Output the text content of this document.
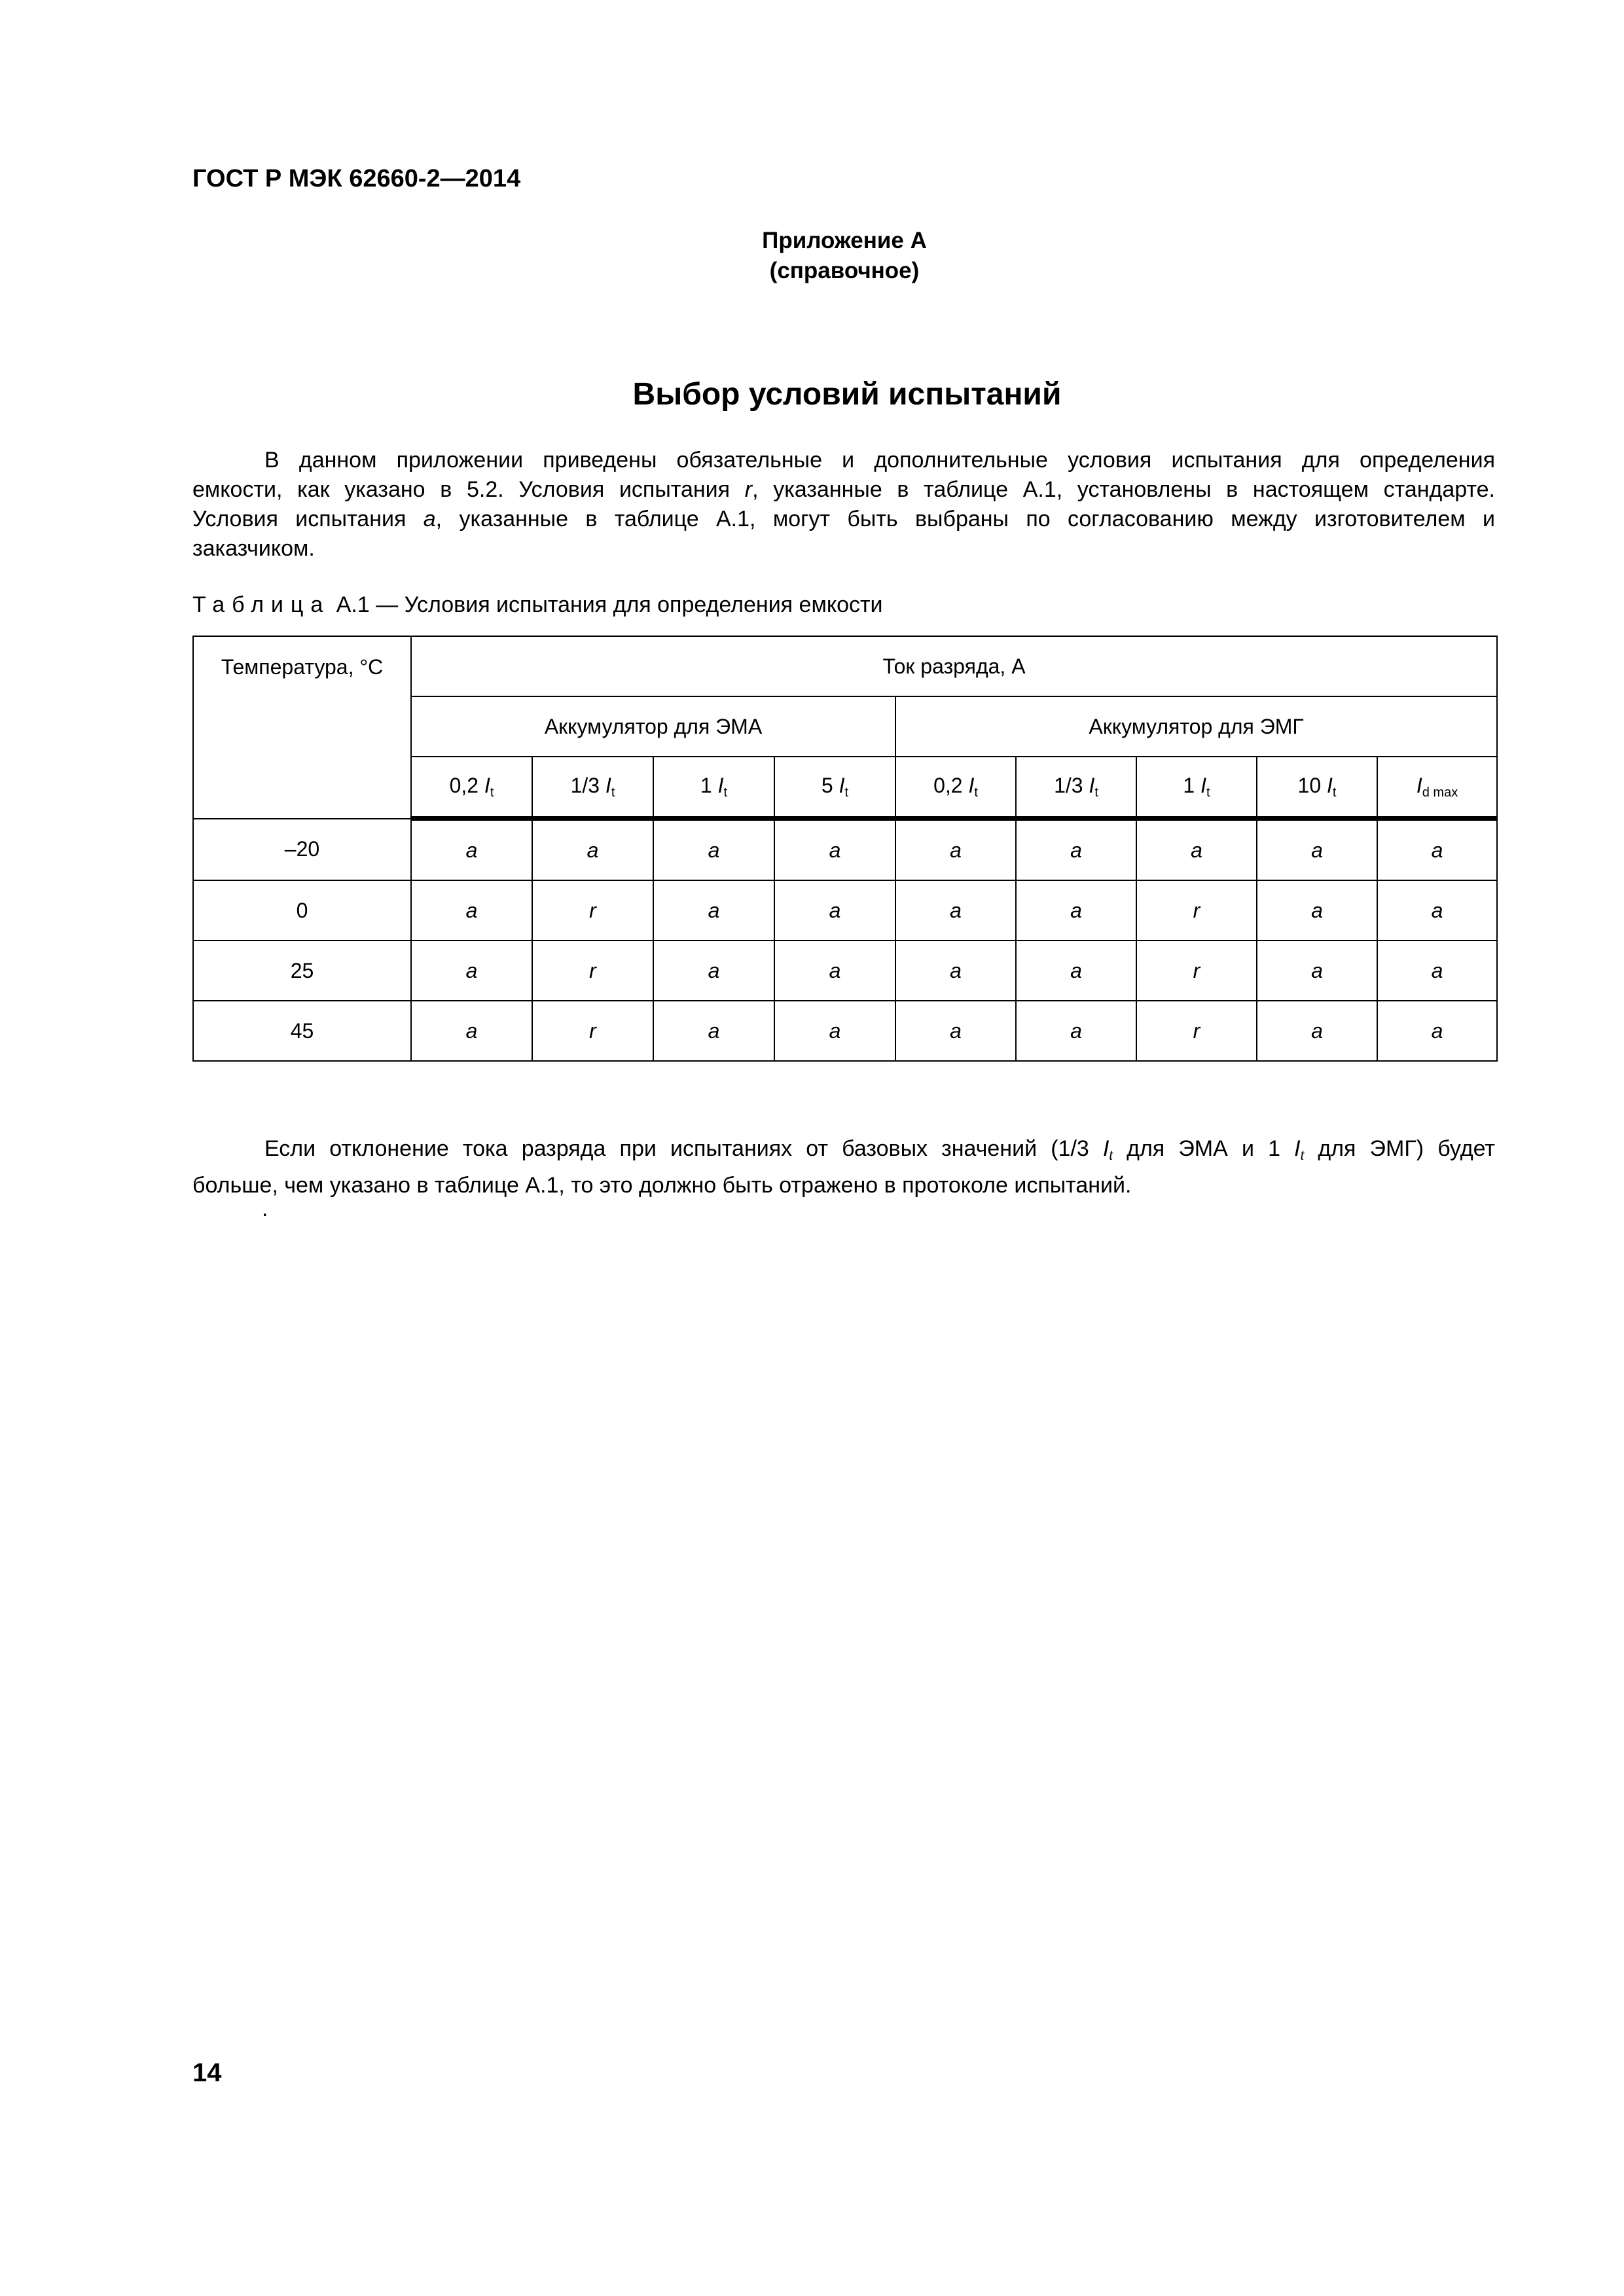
ГОСТ Р МЭК 62660-2—2014
Приложение А
(справочное)
Выбор условий испытаний
В данном приложении приведены обязательные и дополнительные условия испытания для определения
емкости, как указано в 5.2. Условия испытания r, указанные в таблице А.1, установлены в настоящем стандарте.
Условия испытания a, указанные в таблице А.1, могут быть выбраны по согласованию между изготовителем и
заказчиком.
Таблица А.1 — Условия испытания для определения емкости
Температура, °С	Ток разряда, А								
	Аккумулятор для ЭМА				Аккумулятор для ЭМГ				
	0,2 $I_t$	1/3 $I_t$	1 $I_t$	5 $I_t$	0,2 $I_t$	1/3 $I_t$	1 $I_t$	10 $I_t$	$I_{d max}$
–20	a	a	a	a	a	a	a	a	a
0	a	r	a	a	a	a	r	a	a
25	a	r	a	a	a	a	r	a	a
45	a	r	a	a	a	a	r	a	a
Если отклонение тока разряда при испытаниях от базовых значений (1/3 $I_t$ для ЭМА и 1 $I_t$ для ЭМГ) будет
больше, чем указано в таблице А.1, то это должно быть отражено в протоколе испытаний.
.
14
